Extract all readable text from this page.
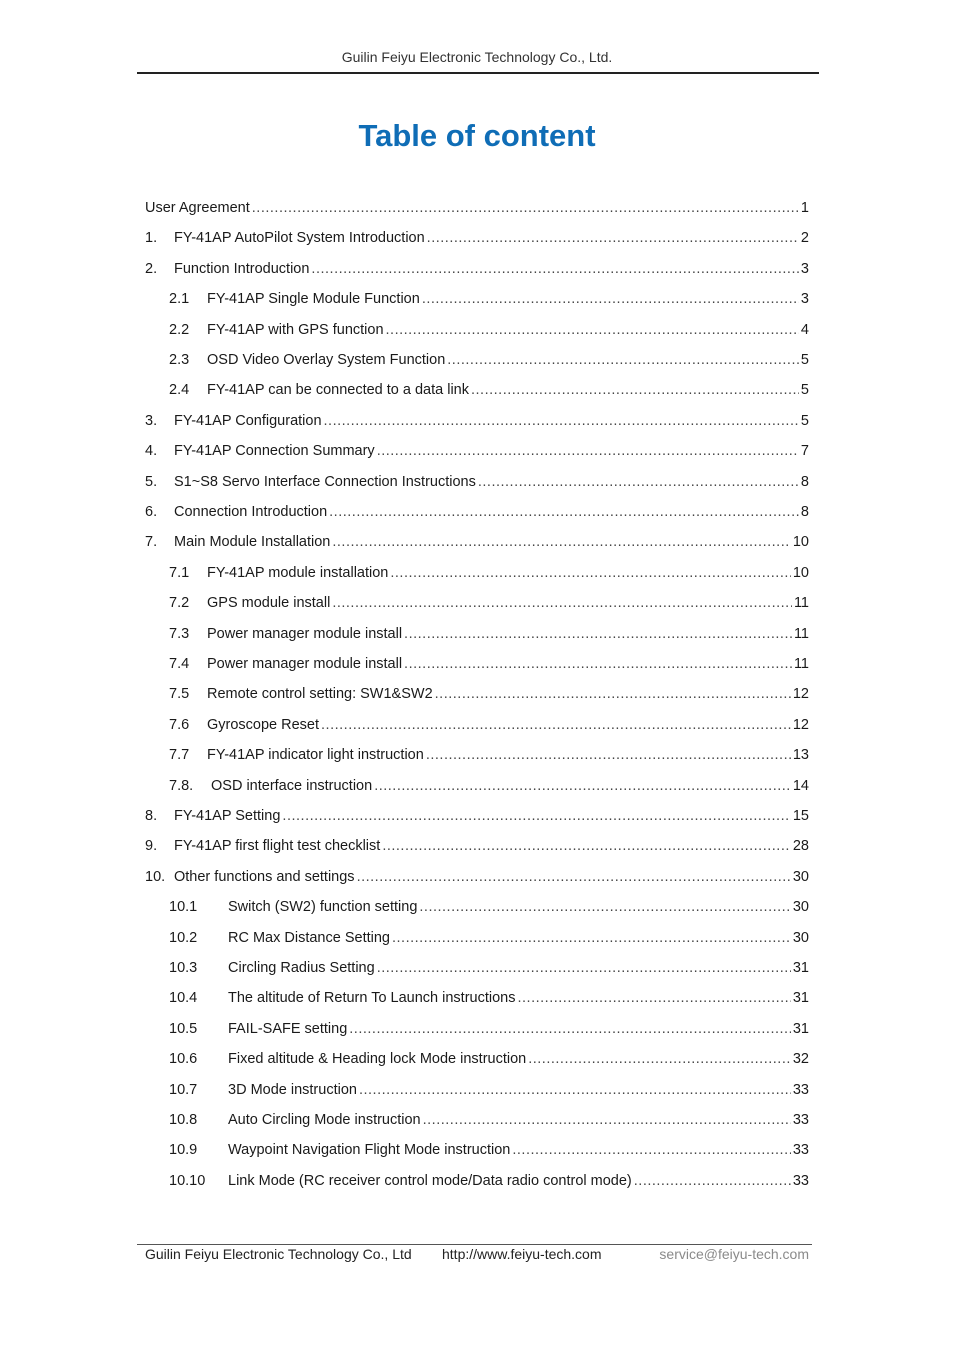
Guilin Feiyu Electronic Technology Co., Ltd.
Table of content
User Agreement .....	1
1.	FY-41AP AutoPilot System Introduction .....	2
2.	Function Introduction .....	3
2.1	FY-41AP Single Module Function .....	3
2.2	FY-41AP with GPS function .....	4
2.3	OSD Video Overlay System Function .....	5
2.4	FY-41AP can be connected to a data link .....	5
3.	FY-41AP Configuration .....	5
4.	FY-41AP Connection Summary .....	7
5.	S1~S8 Servo Interface Connection Instructions .....	8
6.	Connection Introduction .....	8
7.	Main Module Installation .....	10
7.1	FY-41AP module installation .....	10
7.2	GPS module install .....	11
7.3	Power manager module install .....	11
7.4	Power manager module install .....	11
7.5	Remote control setting: SW1&SW2 .....	12
7.6	Gyroscope Reset .....	12
7.7	FY-41AP indicator light instruction .....	13
7.8.	OSD interface instruction .....	14
8.	FY-41AP Setting .....	15
9.	FY-41AP first flight test checklist .....	28
10. Other functions and settings .....	30
10.1	Switch (SW2) function setting .....	30
10.2	RC Max Distance Setting .....	30
10.3	Circling Radius Setting .....	31
10.4	The altitude of Return To Launch instructions .....	31
10.5	FAIL-SAFE setting .....	31
10.6	Fixed altitude & Heading lock Mode instruction .....	32
10.7	3D Mode instruction .....	33
10.8	Auto Circling Mode instruction .....	33
10.9	Waypoint Navigation Flight Mode instruction .....	33
10.10	Link Mode (RC receiver control mode/Data radio control mode) .....	33
Guilin Feiyu Electronic Technology Co., Ltd http://www.feiyu-tech.com	service@feiyu-tech.com
